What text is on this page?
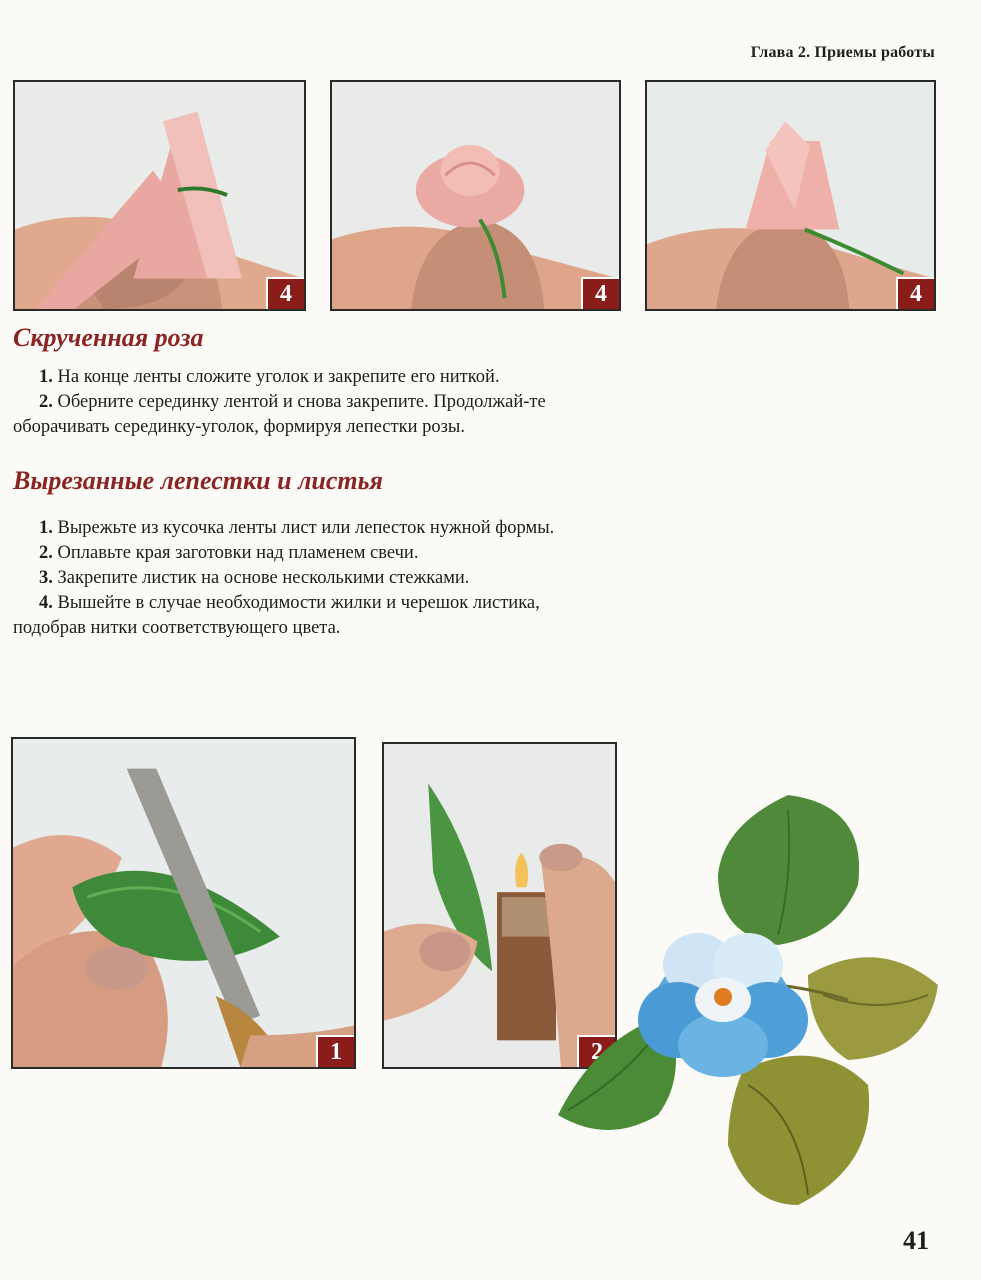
Глава 2. Приемы работы
4	4	4
Скрученная роза

1. На конце ленты сложите уголок и закрепите его ниткой.

2. Оберните серединку лентой и снова закрепите. Продолжай-те оборачивать серединку-уголок, формируя лепестки розы.

Вырезанные лепестки и листья

1. Вырежьте из кусочка ленты лист или лепесток нужной формы.

2. Оплавьте края заготовки над пламенем свечи.

3. Закрепите листик на основе несколькими стежками.

4. Вышейте в случае необходимости жилки и черешок листика, подобрав нитки соответствующего цвета.

1	2
41
